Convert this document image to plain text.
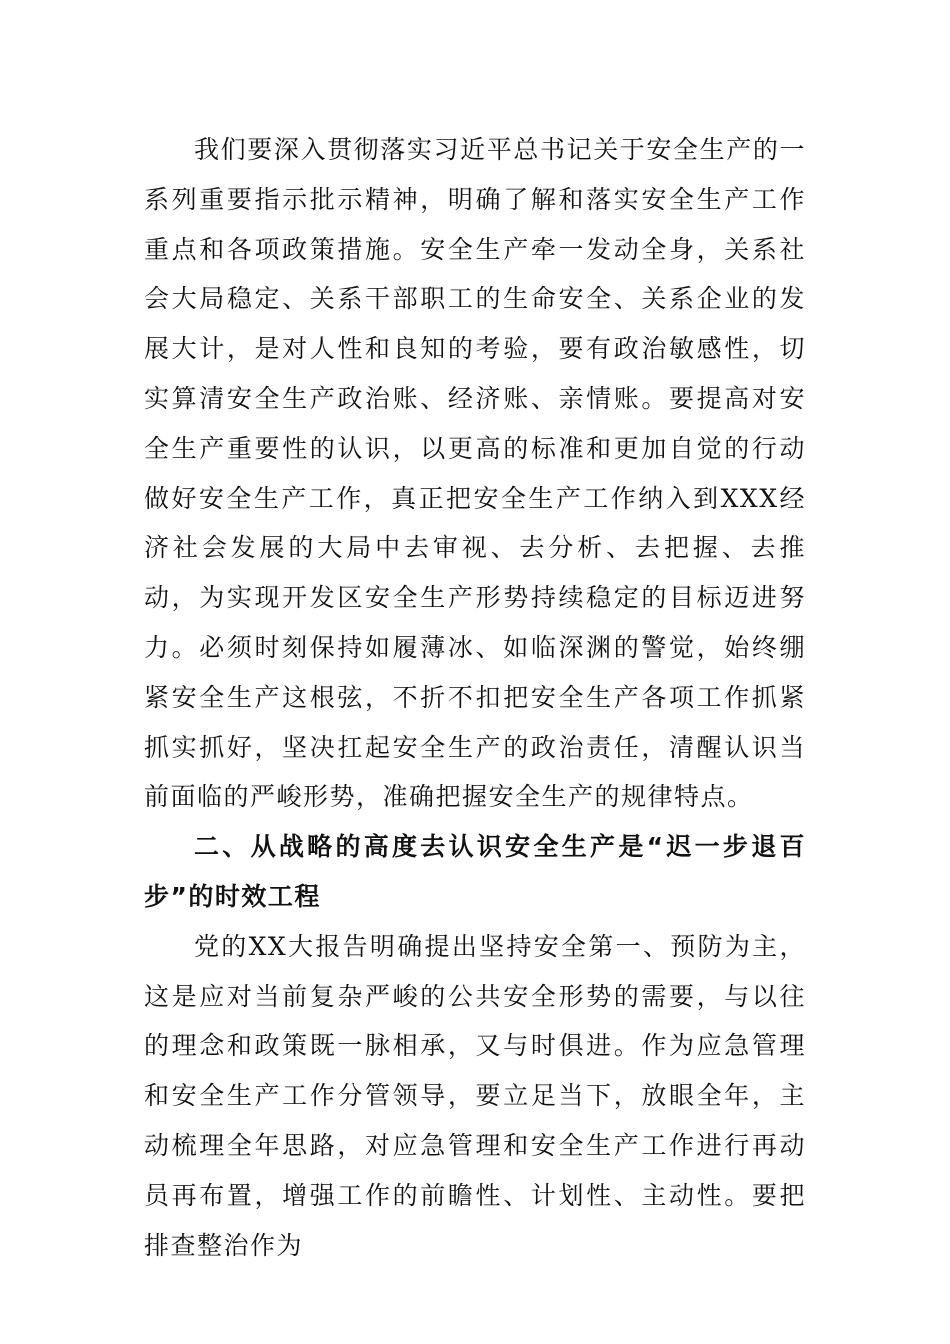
我们要深入贯彻落实习近平总书记关于安全生产的一系列重要指示批示精神，明确了解和落实安全生产工作重点和各项政策措施。安全生产牵一发动全身，关系社会大局稳定、关系干部职工的生命安全、关系企业的发展大计，是对人性和良知的考验，要有政治敏感性，切实算清安全生产政治账、经济账、亲情账。要提高对安全生产重要性的认识，以更高的标准和更加自觉的行动做好安全生产工作，真正把安全生产工作纳入到XXX经济社会发展的大局中去审视、去分析、去把握、去推动，为实现开发区安全生产形势持续稳定的目标迈进努力。必须时刻保持如履薄冰、如临深渊的警觉，始终绷紧安全生产这根弦，不折不扣把安全生产各项工作抓紧抓实抓好，坚决扛起安全生产的政治责任，清醒认识当前面临的严峻形势，准确把握安全生产的规律特点。

二、从战略的高度去认识安全生产是“迟一步退百步”的时效工程

党的XX大报告明确提出坚持安全第一、预防为主，这是应对当前复杂严峻的公共安全形势的需要，与以往的理念和政策既一脉相承，又与时俱进。作为应急管理和安全生产工作分管领导，要立足当下，放眼全年，主动梳理全年思路，对应急管理和安全生产工作进行再动员再布置，增强工作的前瞻性、计划性、主动性。要把排查整治作为
